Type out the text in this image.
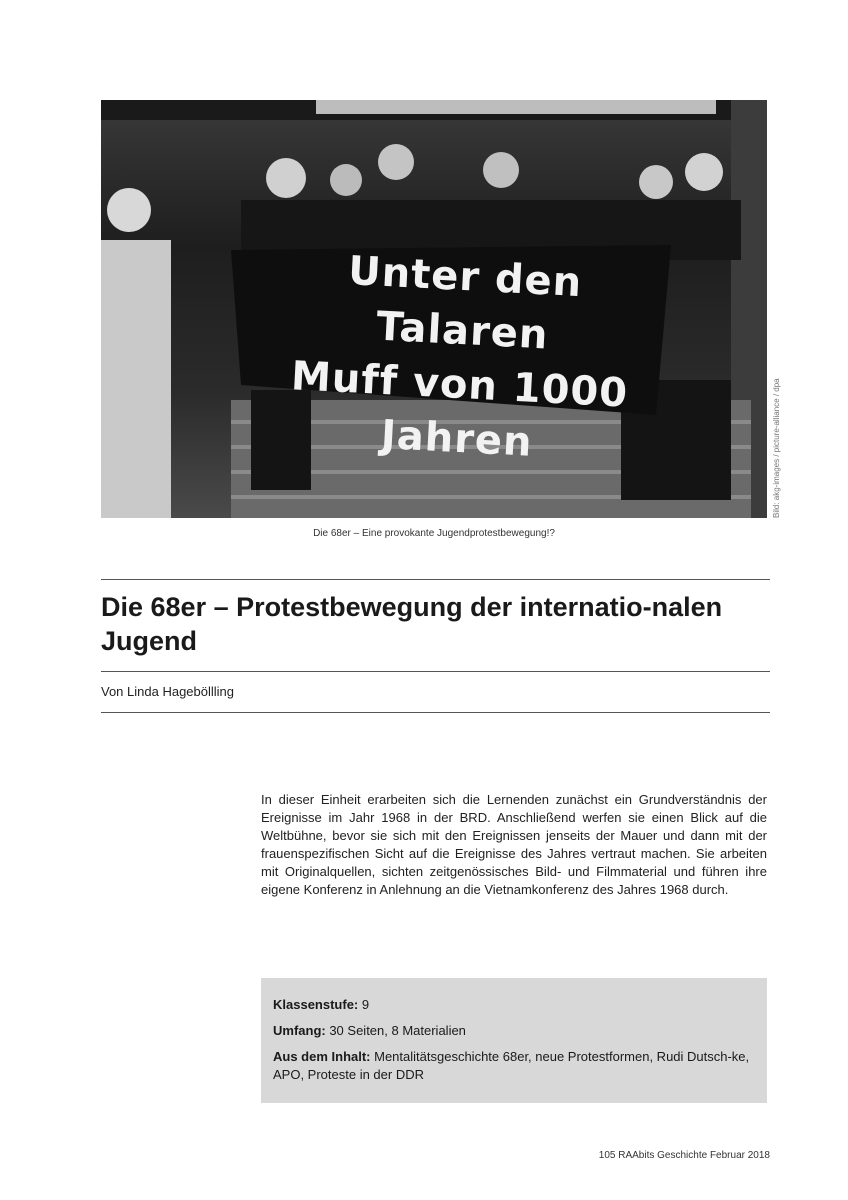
Unter den Talaren
Muff von 1000 Jahren	Bild: akg-images / picture-alliance / dpa
Die 68er – Eine provokante Jugendprotestbewegung!?
Die 68er – Protestbewegung der internatio-nalen Jugend
Von Linda Hageböllling

In dieser Einheit erarbeiten sich die Lernenden zunächst ein Grundverständnis der Ereignisse im Jahr 1968 in der BRD. Anschließend werfen sie einen Blick auf die Weltbühne, bevor sie sich mit den Ereignissen jenseits der Mauer und dann mit der frauenspezifischen Sicht auf die Ereignisse des Jahres vertraut machen. Sie arbeiten mit Originalquellen, sichten zeitgenössisches Bild- und Filmmaterial und führen ihre eigene Konferenz in Anlehnung an die Vietnamkonferenz des Jahres 1968 durch.

Klassenstufe: 9

Umfang: 30 Seiten, 8 Materialien

Aus dem Inhalt: Mentalitätsgeschichte 68er, neue Protestformen, Rudi Dutsch-ke, APO, Proteste in der DDR

105 RAAbits Geschichte Februar 2018
